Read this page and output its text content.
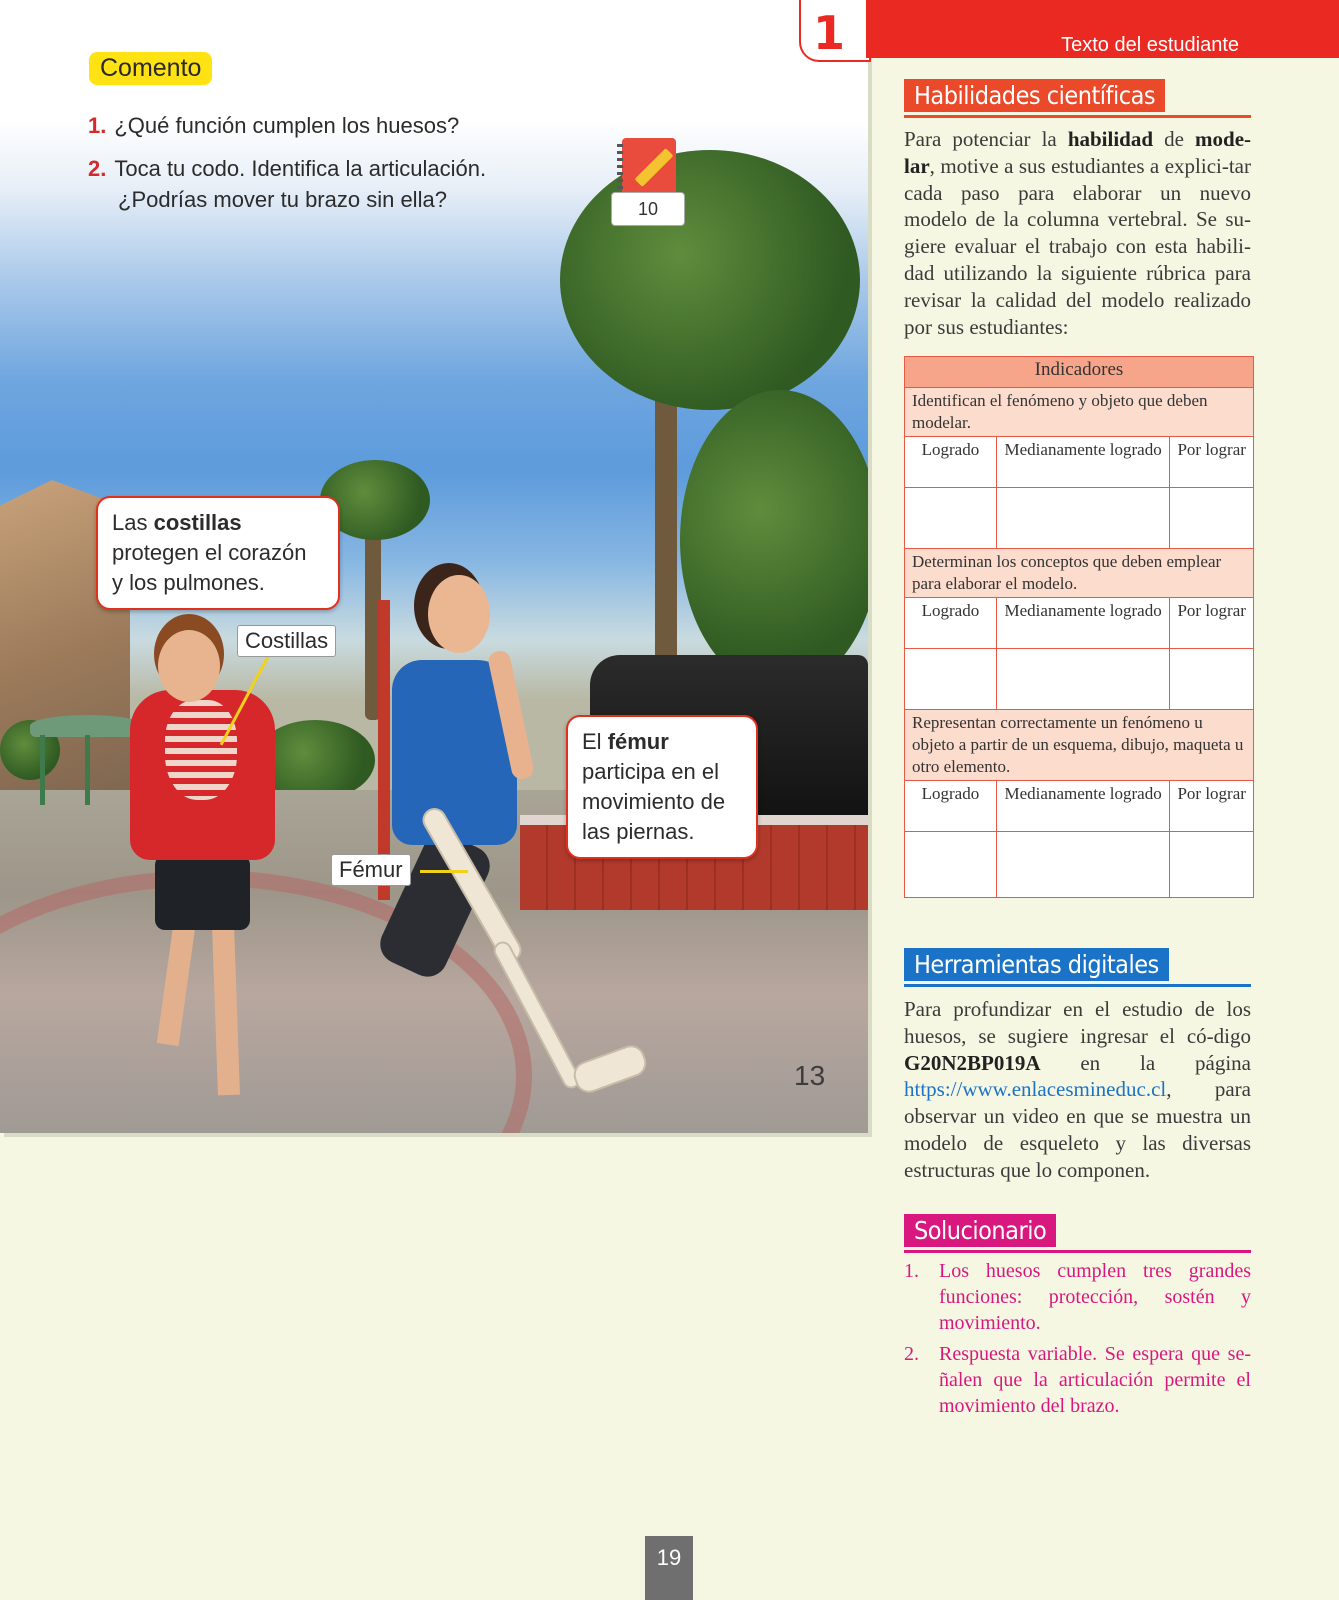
Comento
1. ¿Qué función cumplen los huesos?
2. Toca tu codo. Identifica la articulación.
¿Podrías mover tu brazo sin ella?	10
Las costillas
protegen el corazón
y los pulmones.
Costillas
El fémur
participa en el
movimiento de
las piernas.
Fémur
13
1	Texto del estudiante
Habilidades científicas
Para potenciar la habilidad de mode-lar, motive a sus estudiantes a explici-tar cada paso para elaborar un nuevo modelo de la columna vertebral. Se su-giere evaluar el trabajo con esta habili-dad utilizando la siguiente rúbrica para revisar la calidad del modelo realizado por sus estudiantes:
Indicadores		
Identifican el fenómeno y objeto que deben modelar.		
Logrado	Medianamente logrado	Por lograr

Determinan los conceptos que deben emplear para elaborar el modelo.		
Logrado	Medianamente logrado	Por lograr

Representan correctamente un fenómeno u objeto a partir de un esquema, dibujo, maqueta u otro elemento.		
Logrado	Medianamente logrado	Por lograr

Herramientas digitales
Para profundizar en el estudio de los huesos, se sugiere ingresar el có-digo G20N2BP019A en la página https://www.enlacesmineduc.cl, para observar un video en que se muestra un modelo de esqueleto y las diversas estructuras que lo componen.
Solucionario
1. Los huesos cumplen tres grandes funciones: protección, sostén y movimiento.
2. Respuesta variable. Se espera que se-ñalen que la articulación permite el movimiento del brazo.
19
